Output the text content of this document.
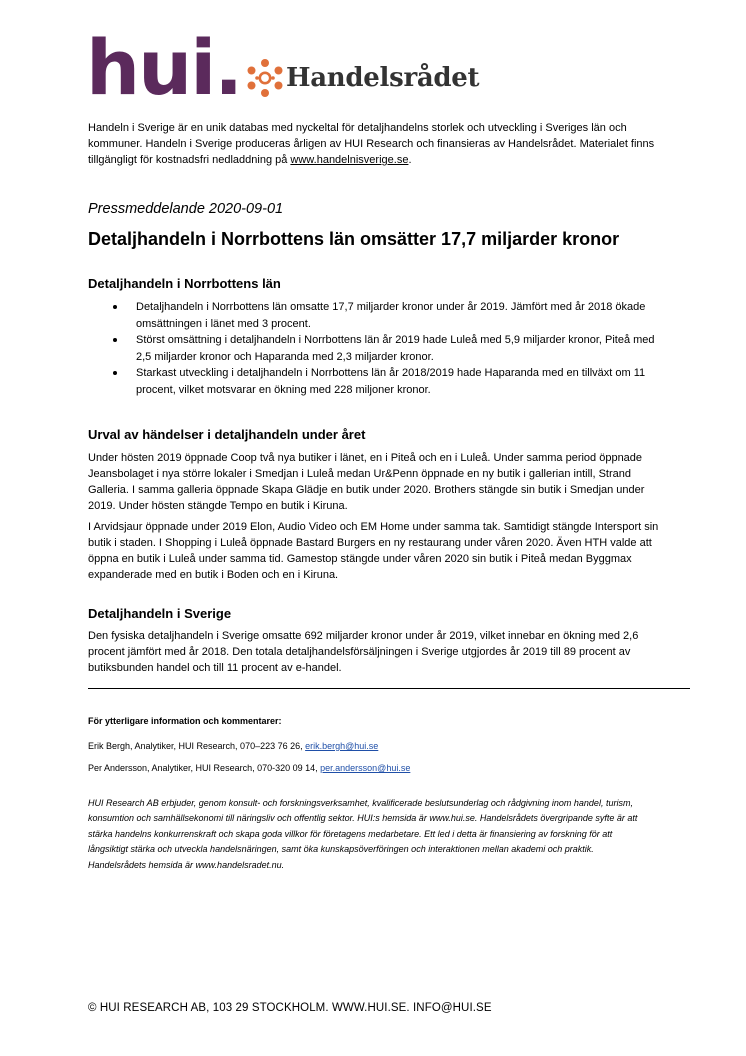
hui. Handelsrådet
Handeln i Sverige är en unik databas med nyckeltal för detaljhandelns storlek och utveckling i Sveriges län och kommuner. Handeln i Sverige produceras årligen av HUI Research och finansieras av Handelsrådet. Materialet finns tillgängligt för kostnadsfri nedladdning på www.handelnisverige.se.
Pressmeddelande 2020-09-01
Detaljhandeln i Norrbottens län omsätter 17,7 miljarder kronor
Detaljhandeln i Norrbottens län
Detaljhandeln i Norrbottens län omsatte 17,7 miljarder kronor under år 2019. Jämfört med år 2018 ökade omsättningen i länet med 3 procent.
Störst omsättning i detaljhandeln i Norrbottens län år 2019 hade Luleå med 5,9 miljarder kronor, Piteå med 2,5 miljarder kronor och Haparanda med 2,3 miljarder kronor.
Starkast utveckling i detaljhandeln i Norrbottens län år 2018/2019 hade Haparanda med en tillväxt om 11 procent, vilket motsvarar en ökning med 228 miljoner kronor.
Urval av händelser i detaljhandeln under året
Under hösten 2019 öppnade Coop två nya butiker i länet, en i Piteå och en i Luleå. Under samma period öppnade Jeansbolaget i nya större lokaler i Smedjan i Luleå medan Ur&Penn öppnade en ny butik i gallerian intill, Strand Galleria. I samma galleria öppnade Skapa Glädje en butik under 2020. Brothers stängde sin butik i Smedjan under 2019. Under hösten stängde Tempo en butik i Kiruna.
I Arvidsjaur öppnade under 2019 Elon, Audio Video och EM Home under samma tak. Samtidigt stängde Intersport sin butik i staden. I Shopping i Luleå öppnade Bastard Burgers en ny restaurang under våren 2020. Även HTH valde att öppna en butik i Luleå under samma tid. Gamestop stängde under våren 2020 sin butik i Piteå medan Byggmax expanderade med en butik i Boden och en i Kiruna.
Detaljhandeln i Sverige
Den fysiska detaljhandeln i Sverige omsatte 692 miljarder kronor under år 2019, vilket innebar en ökning med 2,6 procent jämfört med år 2018. Den totala detaljhandelsförsäljningen i Sverige utgjordes år 2019 till 89 procent av butiksbunden handel och till 11 procent av e-handel.
För ytterligare information och kommentarer:
Erik Bergh, Analytiker, HUI Research, 070–223 76 26, erik.bergh@hui.se
Per Andersson, Analytiker, HUI Research, 070-320 09 14, per.andersson@hui.se
HUI Research AB erbjuder, genom konsult- och forskningsverksamhet, kvalificerade beslutsunderlag och rådgivning inom handel, turism, konsumtion och samhällsekonomi till näringsliv och offentlig sektor. HUI:s hemsida är www.hui.se. Handelsrådets övergripande syfte är att stärka handelns konkurrenskraft och skapa goda villkor för företagens medarbetare. Ett led i detta är finansiering av forskning för att långsiktigt stärka och utveckla handelsnäringen, samt öka kunskapsöverföringen och interaktionen mellan akademi och praktik. Handelsrådets hemsida är www.handelsradet.nu.
© HUI RESEARCH AB, 103 29 STOCKHOLM. WWW.HUI.SE. INFO@HUI.SE
